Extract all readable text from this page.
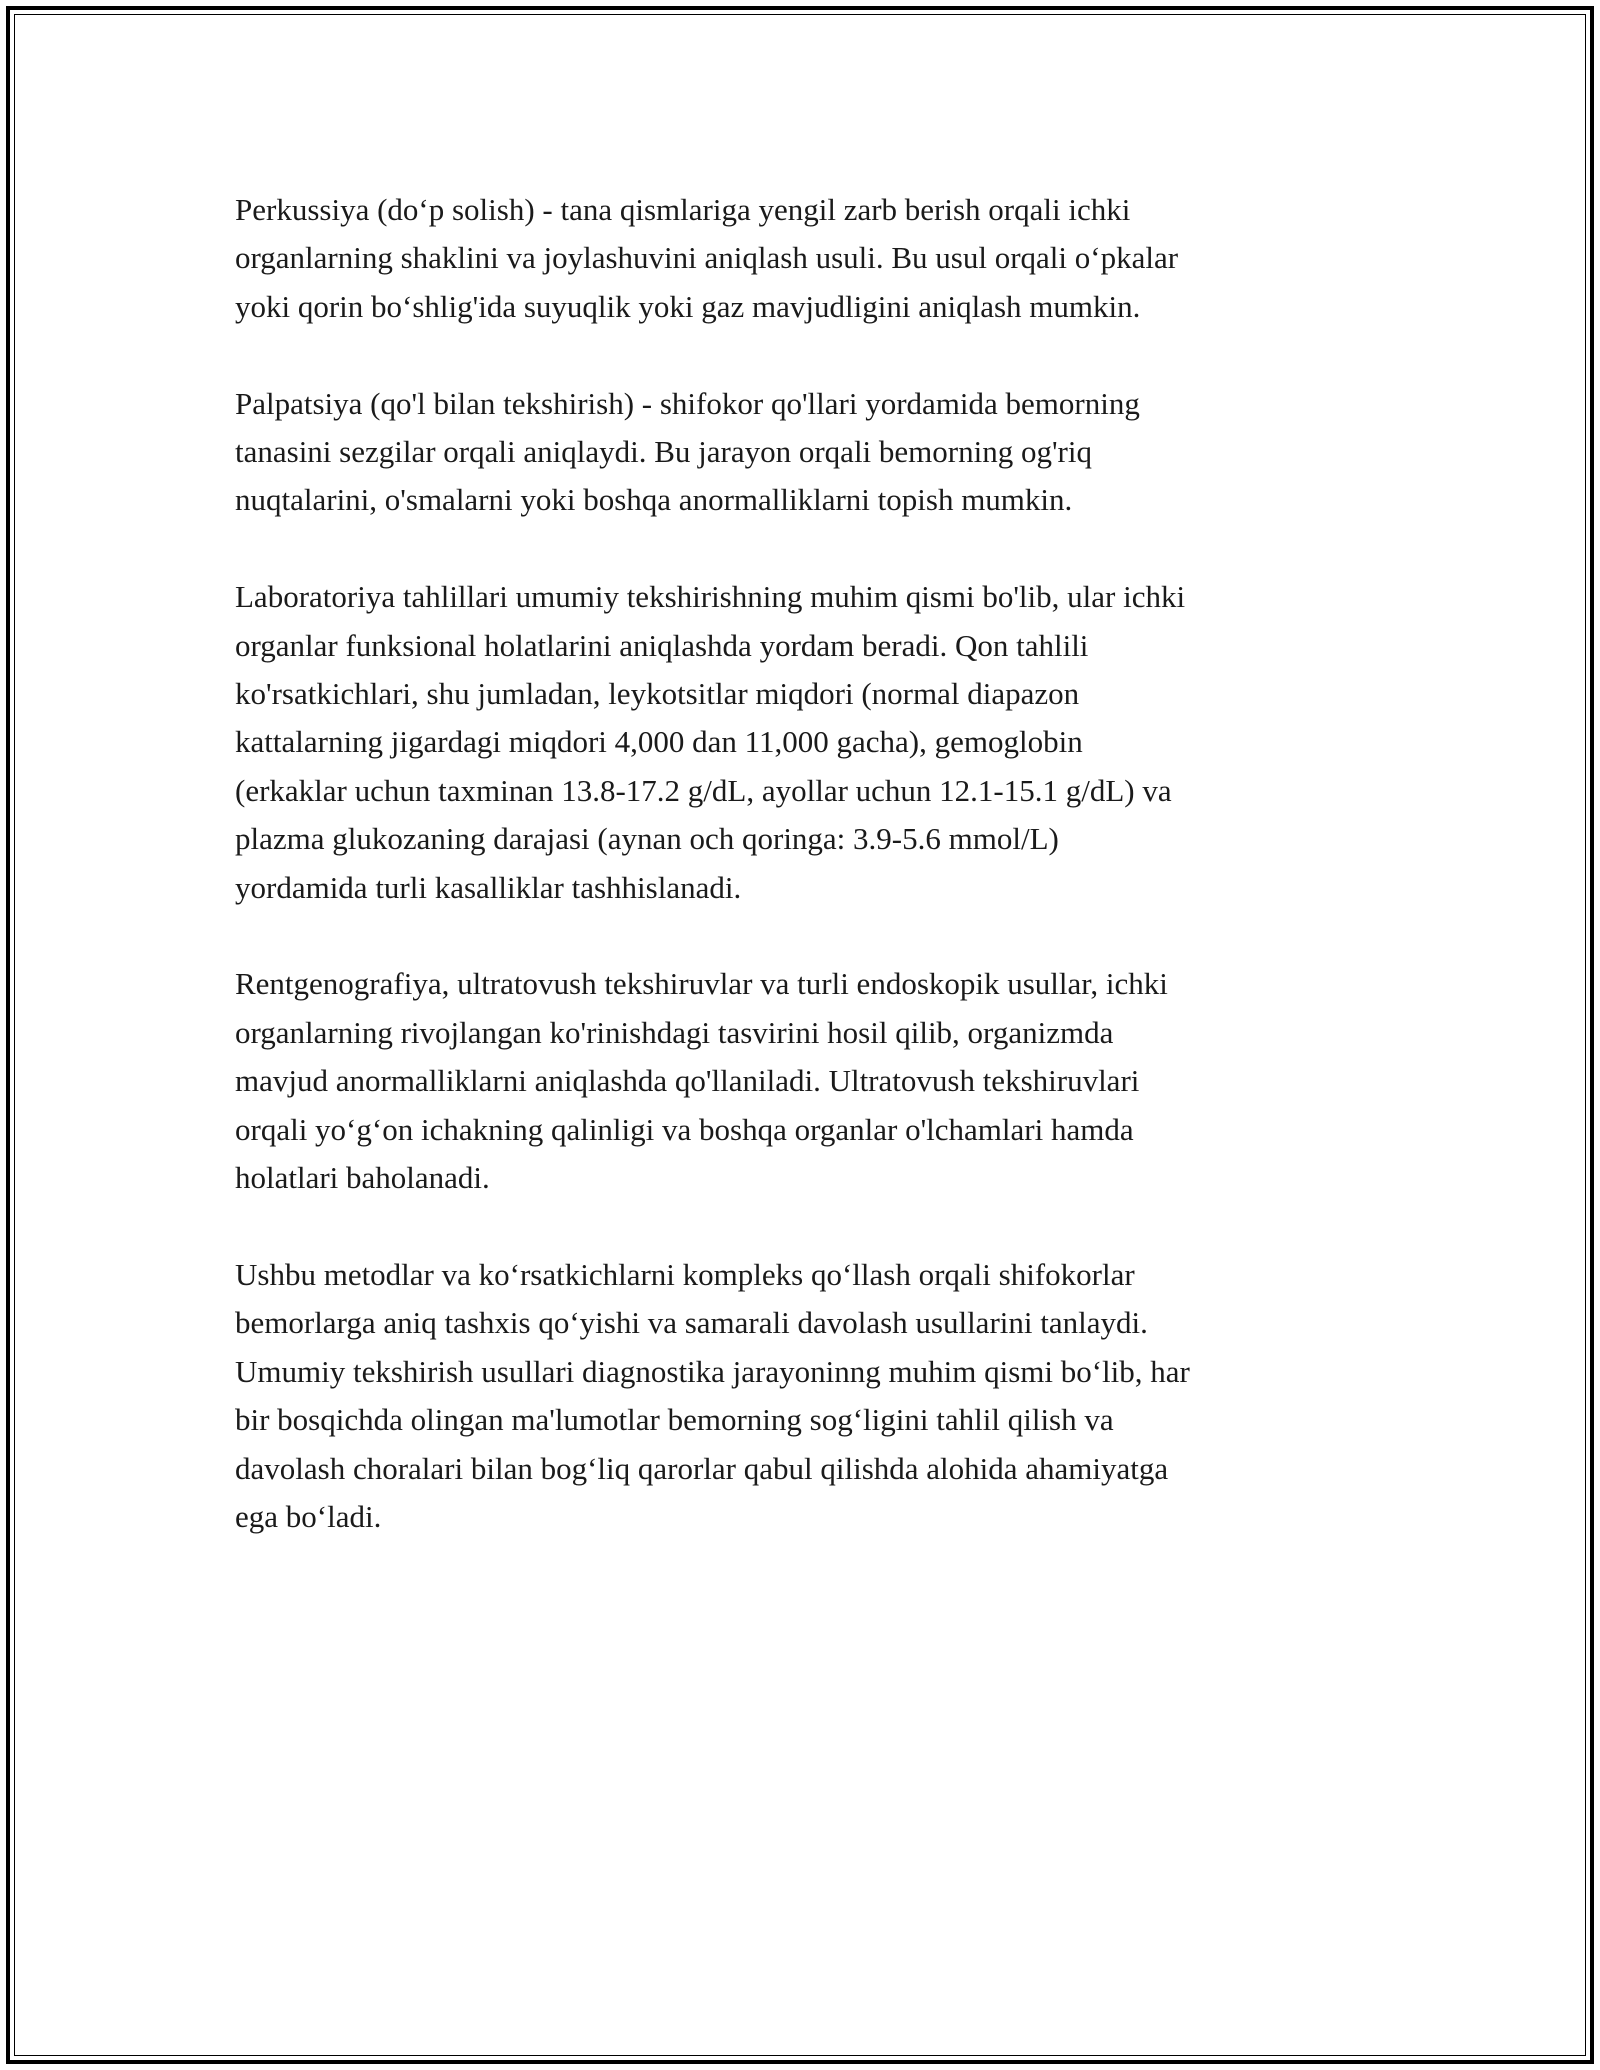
Perkussiya (do‘p solish) - tana qismlariga yengil zarb berish orqali ichki
organlarning shaklini va joylashuvini aniqlash usuli. Bu usul orqali o‘pkalar
yoki qorin bo‘shlig'ida suyuqlik yoki gaz mavjudligini aniqlash mumkin.

Palpatsiya (qo'l bilan tekshirish) - shifokor qo'llari yordamida bemorning
tanasini sezgilar orqali aniqlaydi. Bu jarayon orqali bemorning og'riq
nuqtalarini, o'smalarni yoki boshqa anormalliklarni topish mumkin.

Laboratoriya tahlillari umumiy tekshirishning muhim qismi bo'lib, ular ichki
organlar funksional holatlarini aniqlashda yordam beradi. Qon tahlili
ko'rsatkichlari, shu jumladan, leykotsitlar miqdori (normal diapazon
kattalarning jigardagi miqdori 4,000 dan 11,000 gacha), gemoglobin
(erkaklar uchun taxminan 13.8-17.2 g/dL, ayollar uchun 12.1-15.1 g/dL) va
plazma glukozaning darajasi (aynan och qoringa: 3.9-5.6 mmol/L)
yordamida turli kasalliklar tashhislanadi.

Rentgenografiya, ultratovush tekshiruvlar va turli endoskopik usullar, ichki
organlarning rivojlangan ko'rinishdagi tasvirini hosil qilib, organizmda
mavjud anormalliklarni aniqlashda qo'llaniladi. Ultratovush tekshiruvlari
orqali yo‘g‘on ichakning qalinligi va boshqa organlar o'lchamlari hamda
holatlari baholanadi.

Ushbu metodlar va ko‘rsatkichlarni kompleks qo‘llash orqali shifokorlar
bemorlarga aniq tashxis qo‘yishi va samarali davolash usullarini tanlaydi.
Umumiy tekshirish usullari diagnostika jarayoninng muhim qismi bo‘lib, har
bir bosqichda olingan ma'lumotlar bemorning sog‘ligini tahlil qilish va
davolash choralari bilan bog‘liq qarorlar qabul qilishda alohida ahamiyatga
ega bo‘ladi.
